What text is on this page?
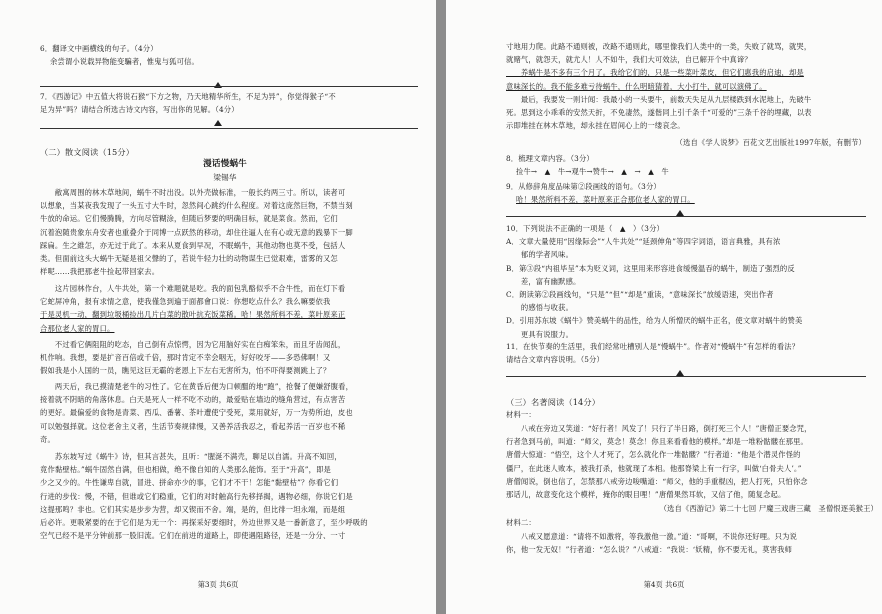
6．翻译文中画横线的句子。（4分）
余尝谓小说载异物能变騙者，惟鬼与狐可信。
7．《西游记》中五值大将说石猴“下方之物，乃天地精华所生，不足为异”，你觉得猴子“不
足为异”吗？请结合所选古诗文内容，写出你的见解。（4分）
（二）散文阅读（15分）
漫话慢蜗牛
梁锡华
　　敝寓周围的林木草地间，蜗牛不时出没。以外壳做标准，一般长约两三寸。所以，读者可
以想象，当某夜我发现了一头五寸大牛时，忽然间心跳约什么程度。对着这庞然巨物，不禁当刻
牛放的命运。它们慢腾腾，方向尽管糊涂，但随后梦要的明确目标，就是菜食。然而，它们
沉着泡随贵象东舟安者也重叠介于同博一点跃然的移动，却住往逼人在有心或无意的践暴下一脚
踩扁。生之維怎，亦无过于此了。本来从夏食到早况，不眠蜗牛，其他动物也莫不受，包括人
类。但面前这头大蜗牛无疑是祖父聲的了，若说牛轻力壮的动物谋生已觉艰难，雷雾的又怎
样呢……我把那老牛捡起带回家去。
　　这片园林作台，人牛共处，第一个难题就是吃。我的面包乳酪似乎不合牛性，而在灯下看
它蛇屏冲角，报有求情之意，使我僅急到遍于面都會口说：你想吃点什么？我么嘛要依我
于是灵机一动，翻到垃圾桶捡出几片白菜的散叶抗充饭菜稀。哈！果然所料不差，菜叶原来正
合那位老人家的胃口。
　　不过看它俩阻阻的吃态，自己倒有点惊愕，因为它用脑好实在白痴笨朱，而且牙齿闻乱，
机作响。我想，要是扩音百倍或千倍，那时肯定不幸会咽无，好好咬牙——多恐佛啊！又
假如我是小人国的一员，瞧见这巨无霸的老恩上下左右无害所为，怕不吓得要测跳上了？
　　两天后，我已摸清楚老牛的习性了。它在黄昏后便为口顿醞的地“跑”，抢餐了便嫌舒腹看，
接着就不阴暗的角落休息。白天是死人一样不吃不动的，最爱贴在墙边的缝角营过，有点害苦
的更好。最偏爱的食物是青菜、西瓜、番薯、茶叶遭使宁受死，菜用就好，万一为势所迫，皮也
可以勉强择就。这位老舍主义者，生活节奏规律慢，又善养活我忍之，看起养活一百岁也不稀
奇。
　　苏东坡写过《蜗牛》诗，但其言甚失，且听：“腥涎不满壳，聊足以自濡。升高不知回，
竟作黏壁枯。”蜗牛固然自满，但也相做，绝不像自知的人类那么能饰。至于“升高”，即是
少之又少的。牛性谦卑自就，冒进、拼命亦少的事，它们才不干！怎能“黏壁枯”？你看它们
行进的步伐：慢，不错，但谁或它们稳重，它们的对时触高行先移择揭，遇物必细，你说它们是
这提那鸣？非也。它们其实是步步为营，却又锲而不舍。端，是的，但比徘一坦永端，而是组
后必许。更吸紧要的在于它们是为无一个：再探采好要细时，外边世界又是一番新意了，至少呼吸的
空气已经不是平分钟前那一股旧流。它们在前进的道路上，即使遇阻路径，还是一分分、一寸
第3页 共6页
寸地用力爬。此路不通则被，改路不通则此，哪里像我们人类中的一类，失败了就骂，就哭，
就赌气，就怨天，就尤人！人不如牛，我们大可效法，自已解开个中真谛？
　　养蜗牛是不多有三个月了。我给它们的，只是一些菜叶菜皮，但它们惠我的启迪，却是
意味深长的。我不能多难亏待蜗牛，什么明暗猜着，大小打牛，就可以演佛了。
　　最后，我要发一则计闻：我最小的一头要牛，前数天失足从九层楼跌到水泥地上，先破牛
死。思到这小乖乖的安然天折，不免凄然，遂偕同上引千条千“可爱的”三条千谷的埋藏，以表
示即堆挂在林木草地，却永挂在眉间心上的一缕哀念。
（选自《学人说梦》百花文艺出版社1997年版，有删节）
8．梳理文章内容。（3分）
捡牛→　▲　牛→观牛→赞牛→　▲　→　▲　牛
9．从修辞角度品味第②段画线的语句。（3分）
哈！果然所料不差，菜叶原来正合那位老人家的胃口。
10．下列说法不正确的一项是（　▲　）（3分）
A．文章大量使用“因缘际会”“人牛共处”“延颈伸角”等四字词语，语言典雅，具有浓
　　郁的学者风味。
B．第③段“内祖毕呈”本为贬义词，这里用来形容进食缓慢温吞的蜗牛，制造了强烈的反
　　差，富有幽默感。
C．朗读第②段画线句，“只是”“但”“却是”重读，“意味深长”放缓语速，突出作者
　　的感悟与收获。
D．引用苏东坡《蜗牛》赞美蜗牛的品性，给为人所憎厌的蜗牛正名，使文章对蜗牛的赞美
　　更具有说服力。
11．在快节奏的生活里，我们经常吐槽别人是“慢蜗牛”。作者对“慢蜗牛”有怎样的看法？
请结合文章内容说明。（5分）
（三）名著阅读（14分）
材料一：
　　八戒在旁边又笑道：“好行者！风发了！只行了半日路，倒打死三个人！”唐僧正要念咒，
行者急到马前，叫道：“师父，莫念！莫念！你且来看看他的模样。”却是一堆粉骷髅在那里。
唐僧大惊道：“悟空，这个人才死了，怎么就化作一堆骷髅？”行者道：“他是个潜灵作怪的
僵尸，在此迷人败本，被我打杀，他就现了本相。他那脊梁上有一行字，叫做‘白骨夫人’。”
唐僧闻说，倒也信了，怎禁那八戒旁边唆嘴道：“师父，他的手重棍凶，把人打死，只怕你念
那话儿，故意变化这个模样，掩你的眼目哩！”唐僧果然耳软，又信了他，随复念起。
（选自《西游记》第二十七回 尸魔三戏唐三藏　圣僧恨逐美猴王）
材料二：
　　八戒又愿意道：“请将不如激将，等我激他一激。”道：“哥啊，不说你还好哩。只为说
你，他一发无奴！”行者道：“怎么说？”八戒道：“我说：‘妖精，你不要无礼，莫害我师
第4页 共6页
